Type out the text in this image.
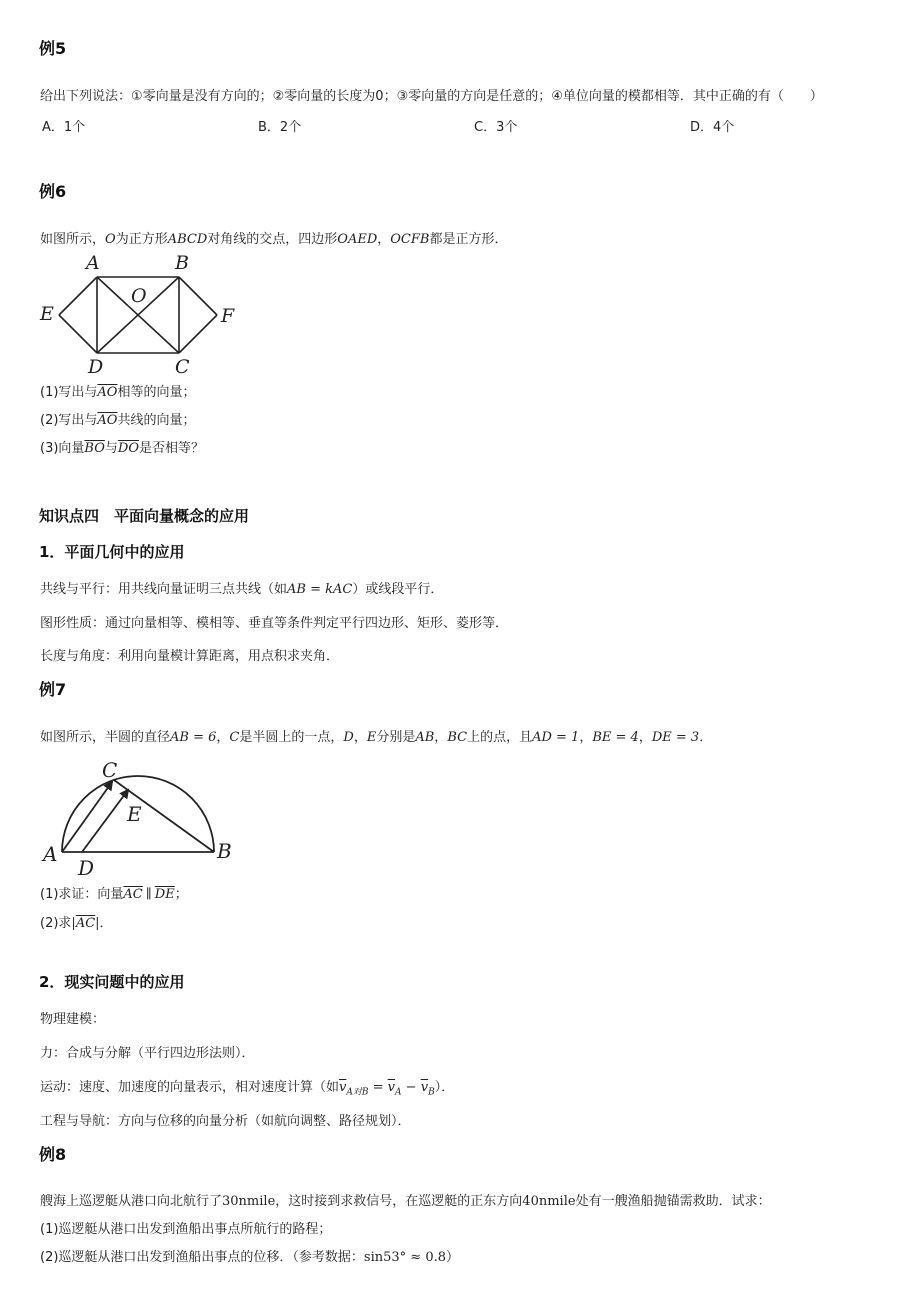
例5
给出下列说法：①零向量是没有方向的；②零向量的长度为0；③零向量的方向是任意的；④单位向量的模都相等．其中正确的有（　　）
A．1个	B．2个	C．3个	D．4个
例6
如图所示，O为正方形ABCD对角线的交点，四边形OAED，OCFB都是正方形．
A	B
C
D
E	F
O
(1)写出与$\overline{AO}$相等的向量；
(2)写出与$\overline{AO}$共线的向量；
(3)向量$\overline{BO}$与$\overline{DO}$是否相等？
知识点四　平面向量概念的应用
1．平面几何中的应用
共线与平行：用共线向量证明三点共线（如AB = kAC）或线段平行．
图形性质：通过向量相等、模相等、垂直等条件判定平行四边形、矩形、菱形等．
长度与角度：利用向量模计算距离，用点积求夹角．
例7
如图所示，半圆的直径AB = 6，C是半圆上的一点，D，E分别是AB，BC上的点，且AD = 1，BE = 4，DE = 3．
C
A	B
D
E
(1)求证：向量$\overline{AC}$ ∥ $\overline{DE}$；
(2)求$|\overline{AC}|$．
2．现实问题中的应用
物理建模：
力：合成与分解（平行四边形法则）．
运动：速度、加速度的向量表示，相对速度计算（如$\overline{v}_{A对B} = \overline{v}_A - \overline{v}_B$）．
工程与导航：方向与位移的向量分析（如航向调整、路径规划）．
例8
艘海上巡逻艇从港口向北航行了30nmile，这时接到求救信号，在巡逻艇的正东方向40nmile处有一艘渔船抛锚需救助．试求：
(1)巡逻艇从港口出发到渔船出事点所航行的路程；
(2)巡逻艇从港口出发到渔船出事点的位移．（参考数据：sin53° ≈ 0.8）
